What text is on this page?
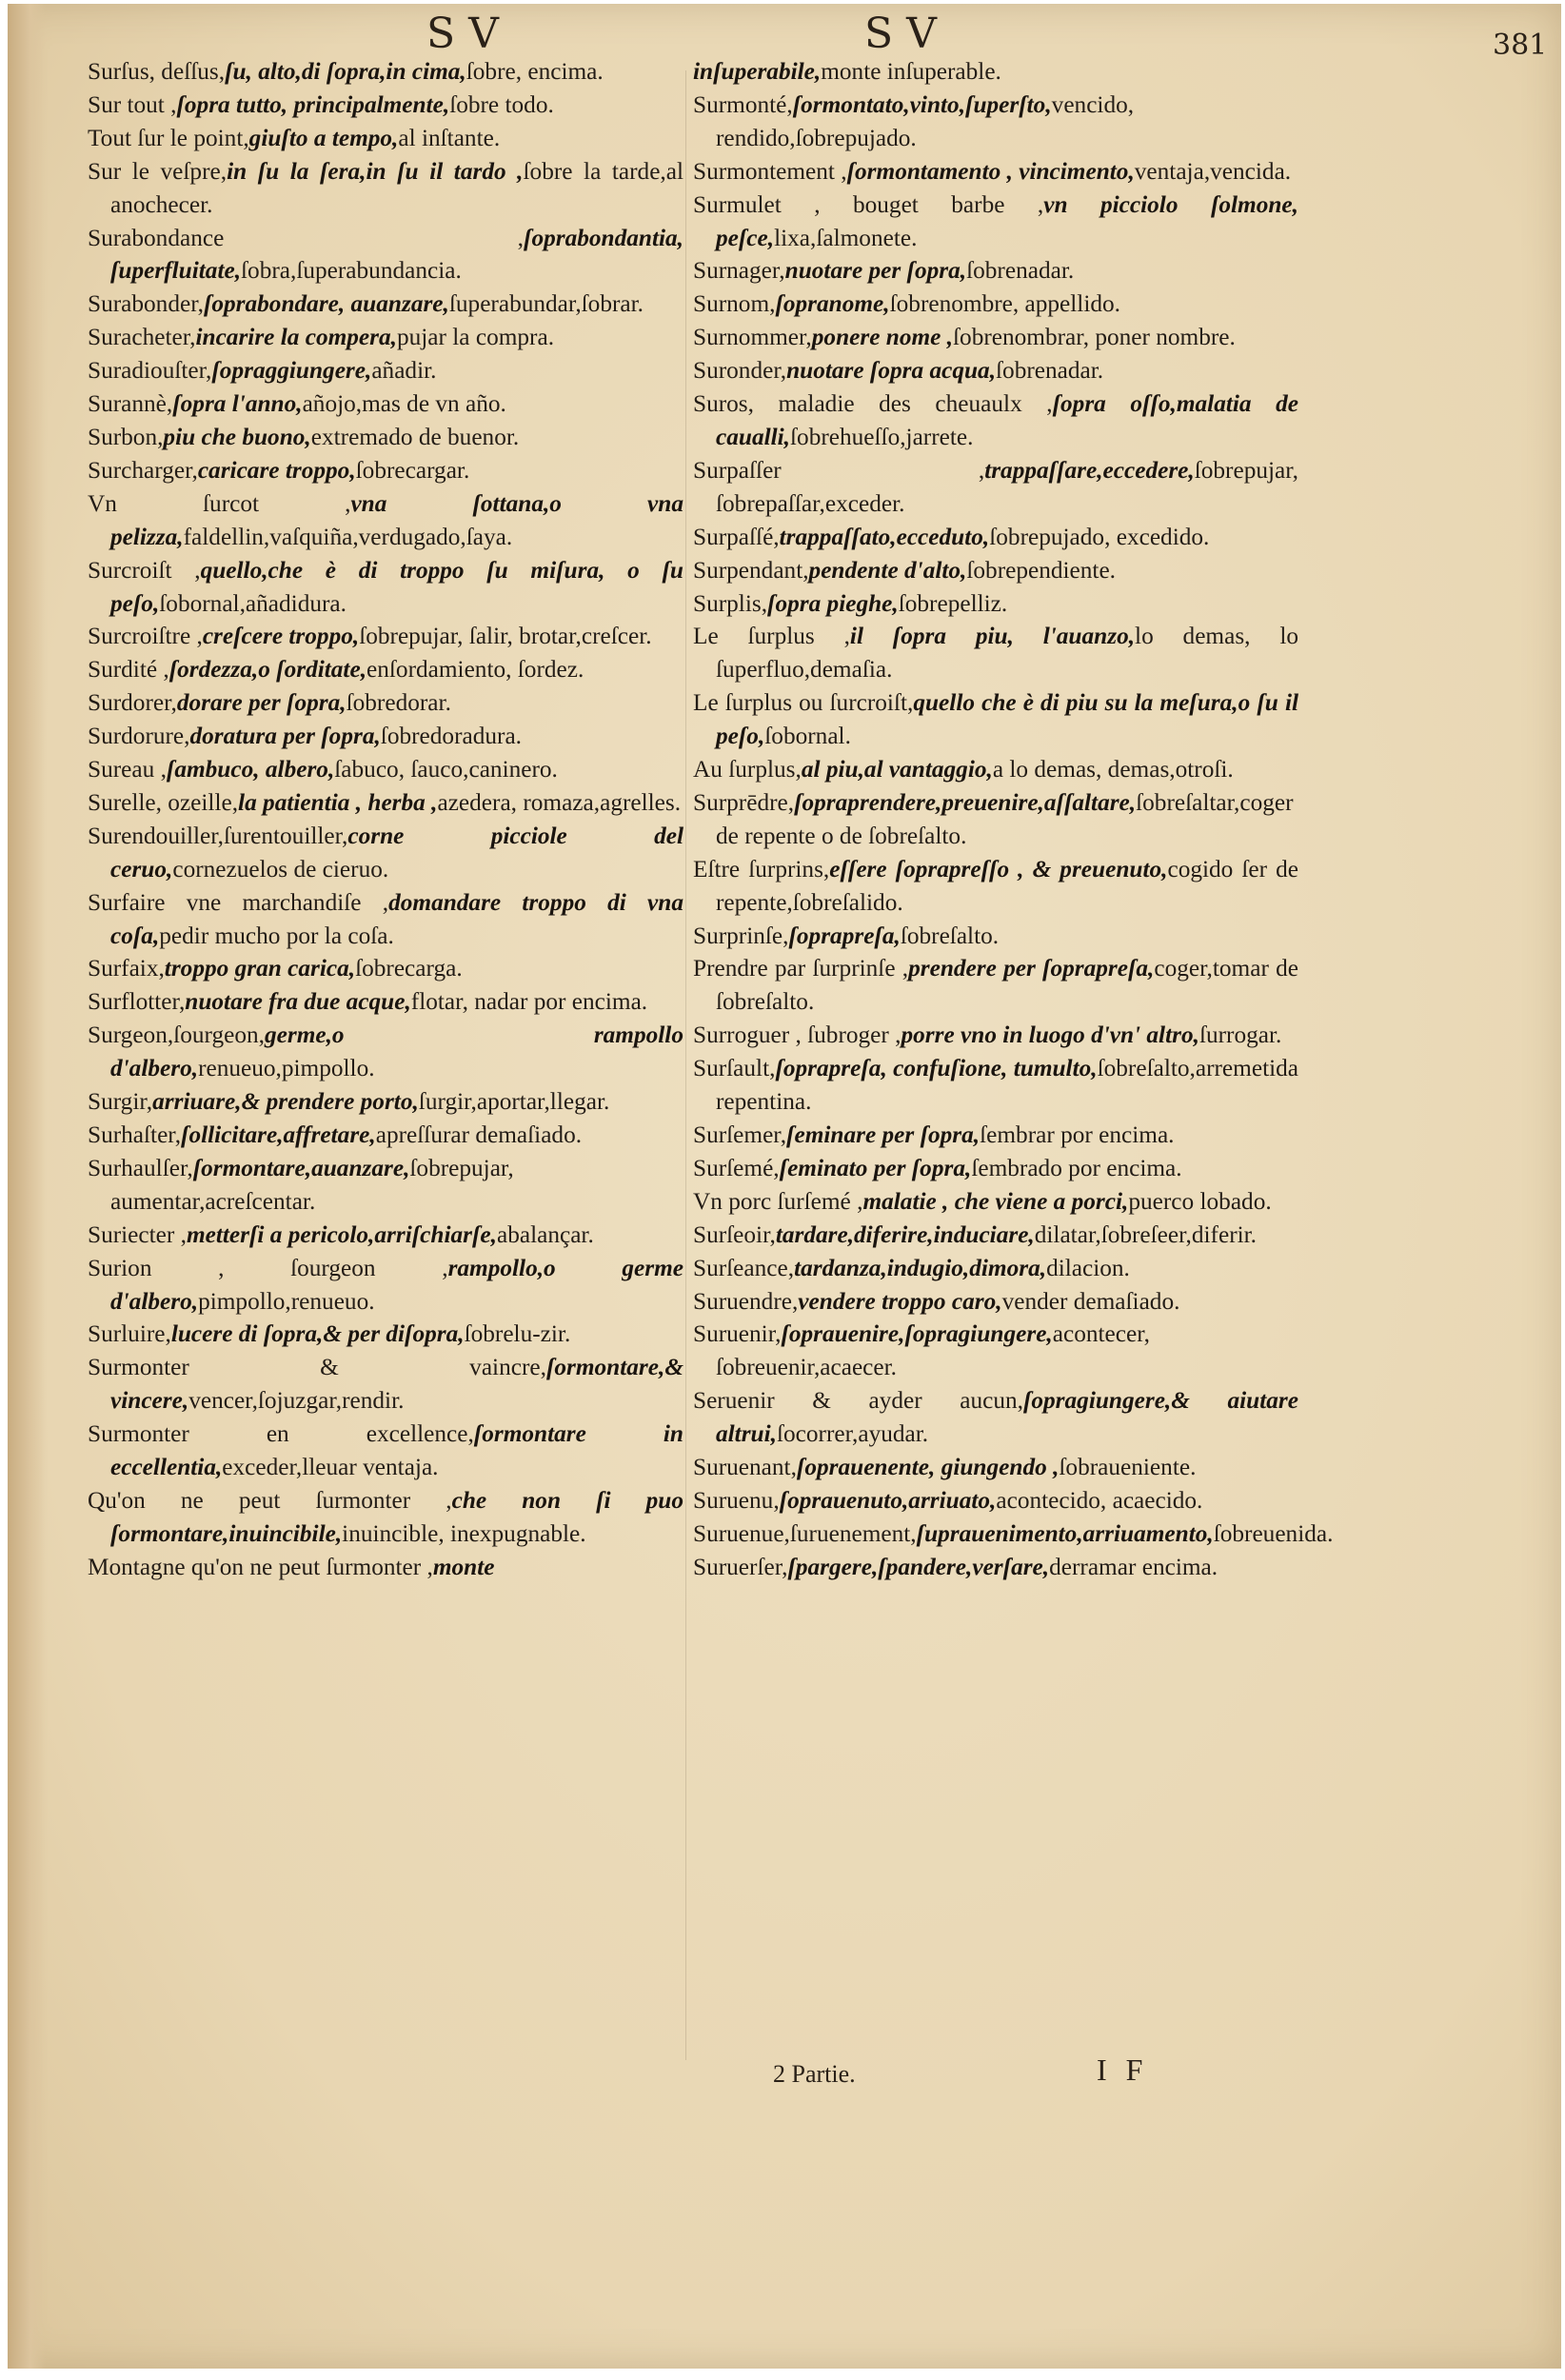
SV	SV	381

Surſus, deſſus,ſu, alto,di ſopra,in cima,ſobre, encima.

Sur tout ,ſopra tutto, principalmente,ſobre todo.

Tout ſur le point,giuſto a tempo,al inſtante.

Sur le veſpre,in ſu la ſera,in ſu il tardo ,ſobre la tarde,al anochecer.

Surabondance ,ſoprabondantia, ſuperfluitate,ſobra,ſuperabundancia.

Surabonder,ſoprabondare, auanzare,ſuperabundar,ſobrar.

Suracheter,incarire la compera,pujar la compra.

Suradiouſter,ſopraggiungere,añadir.

Surannè,ſopra l'anno,añojo,mas de vn año.

Surbon,piu che buono,extremado de buenor.

Surcharger,caricare troppo,ſobrecargar.

Vn ſurcot ,vna ſottana,o vna pelizza,faldellin,vaſquiña,verdugado,ſaya.

Surcroiſt ,quello,che è di troppo ſu miſura, o ſu peſo,ſobornal,añadidura.

Surcroiſtre ,creſcere troppo,ſobrepujar, ſalir, brotar,creſcer.

Surdité ,ſordezza,o ſorditate,enſordamiento, ſordez.

Surdorer,dorare per ſopra,ſobredorar.

Surdorure,doratura per ſopra,ſobredoradura.

Sureau ,ſambuco, albero,ſabuco, ſauco,caninero.

Surelle, ozeille,la patientia , herba ,azedera, romaza,agrelles.

Surendouiller,ſurentouiller,corne picciole del ceruo,cornezuelos de cieruo.

Surfaire vne marchandiſe ,domandare troppo di vna coſa,pedir mucho por la coſa.

Surfaix,troppo gran carica,ſobrecarga.

Surflotter,nuotare fra due acque,flotar, nadar por encima.

Surgeon,ſourgeon,germe,o rampollo d'albero,renueuo,pimpollo.

Surgir,arriuare,& prendere porto,ſurgir,aportar,llegar.

Surhaſter,ſollicitare,affretare,apreſſurar demaſiado.

Surhaulſer,ſormontare,auanzare,ſobrepujar, aumentar,acreſcentar.

Suriecter ,metterſi a pericolo,arriſchiarſe,abalançar.

Surion , ſourgeon ,rampollo,o germe d'albero,pimpollo,renueuo.

Surluire,lucere di ſopra,& per diſopra,ſobrelu-zir.

Surmonter & vaincre,ſormontare,& vincere,vencer,ſojuzgar,rendir.

Surmonter en excellence,ſormontare in eccellentia,exceder,lleuar ventaja.

Qu'on ne peut ſurmonter ,che non ſi puo ſormontare,inuincibile,inuincible, inexpugnable.

Montagne qu'on ne peut ſurmonter ,monte

inſuperabile,monte inſuperable.

Surmonté,ſormontato,vinto,ſuperſto,vencido, rendido,ſobrepujado.

Surmontement ,ſormontamento , vincimento,ventaja,vencida.

Surmulet , bouget barbe ,vn picciolo ſolmone, peſce,lixa,ſalmonete.

Surnager,nuotare per ſopra,ſobrenadar.

Surnom,ſopranome,ſobrenombre, appellido.

Surnommer,ponere nome ,ſobrenombrar, poner nombre.

Suronder,nuotare ſopra acqua,ſobrenadar.

Suros, maladie des cheuaulx ,ſopra oſſo,malatia de caualli,ſobrehueſſo,jarrete.

Surpaſſer ,trappaſſare,eccedere,ſobrepujar, ſobrepaſſar,exceder.

Surpaſſé,trappaſſato,ecceduto,ſobrepujado, excedido.

Surpendant,pendente d'alto,ſobrependiente.

Surplis,ſopra pieghe,ſobrepelliz.

Le ſurplus ,il ſopra piu, l'auanzo,lo demas, lo ſuperfluo,demaſia.

Le ſurplus ou ſurcroiſt,quello che è di piu su la meſura,o ſu il peſo,ſobornal.

Au ſurplus,al piu,al vantaggio,a lo demas, demas,otroſi.

Surprēdre,ſopraprendere,preuenire,aſſaltare,ſobreſaltar,coger de repente o de ſobreſalto.

Eſtre ſurprins,eſſere ſoprapreſſo , & preuenuto,cogido ſer de repente,ſobreſalido.

Surprinſe,ſoprapreſa,ſobreſalto.

Prendre par ſurprinſe ,prendere per ſoprapreſa,coger,tomar de ſobreſalto.

Surroguer , ſubroger ,porre vno in luogo d'vn' altro,ſurrogar.

Surſault,ſoprapreſa, confuſione, tumulto,ſobreſalto,arremetida repentina.

Surſemer,ſeminare per ſopra,ſembrar por encima.

Surſemé,ſeminato per ſopra,ſembrado por encima.

Vn porc ſurſemé ,malatie , che viene a porci,puerco lobado.

Surſeoir,tardare,diferire,induciare,dilatar,ſobreſeer,diferir.

Surſeance,tardanza,indugio,dimora,dilacion.

Suruendre,vendere troppo caro,vender demaſiado.

Suruenir,ſoprauenire,ſopragiungere,acontecer, ſobreuenir,acaecer.

Seruenir & ayder aucun,ſopragiungere,& aiutare altrui,ſocorrer,ayudar.

Suruenant,ſoprauenente, giungendo ,ſobraueniente.

Suruenu,ſoprauenuto,arriuato,acontecido, acaecido.

Suruenue,ſuruenement,ſuprauenimento,arriuamento,ſobreuenida.

Suruerſer,ſpargere,ſpandere,verſare,derramar encima.

2 Partie.	I F
